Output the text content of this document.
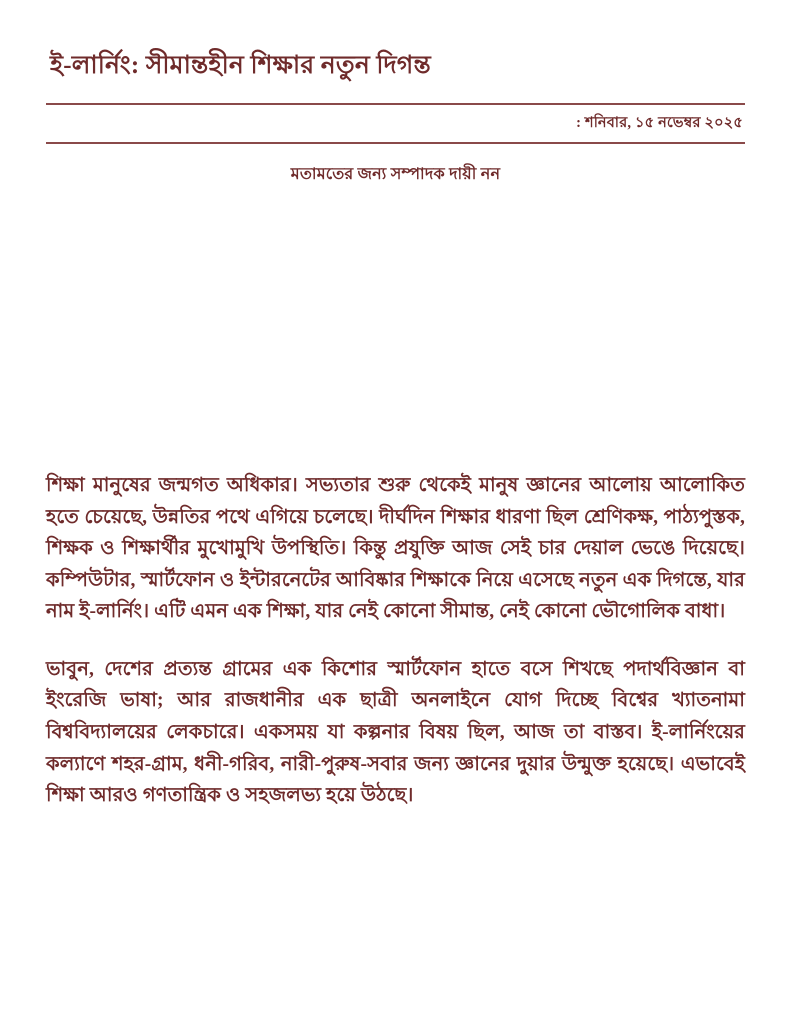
ই-লার্নিং: সীমান্তহীন শিক্ষার নতুন দিগন্ত
: শনিবার, ১৫ নভেম্বর ২০২৫
মতামতের জন্য সম্পাদক দায়ী নন

শিক্ষা মানুষের জন্মগত অধিকার। সভ্যতার শুরু থেকেই মানুষ জ্ঞানের আলোয় আলোকিত হতে চেয়েছে, উন্নতির পথে এগিয়ে চলেছে। দীর্ঘদিন শিক্ষার ধারণা ছিল শ্রেণিকক্ষ, পাঠ্যপুস্তক, শিক্ষক ও শিক্ষার্থীর মুখোমুখি উপস্থিতি। কিন্তু প্রযুক্তি আজ সেই চার দেয়াল ভেঙে দিয়েছে। কম্পিউটার, স্মার্টফোন ও ইন্টারনেটের আবিষ্কার শিক্ষাকে নিয়ে এসেছে নতুন এক দিগন্তে, যার নাম ই-লার্নিং। এটি এমন এক শিক্ষা, যার নেই কোনো সীমান্ত, নেই কোনো ভৌগোলিক বাধা।

ভাবুন, দেশের প্রত্যন্ত গ্রামের এক কিশোর স্মার্টফোন হাতে বসে শিখছে পদার্থবিজ্ঞান বা ইংরেজি ভাষা; আর রাজধানীর এক ছাত্রী অনলাইনে যোগ দিচ্ছে বিশ্বের খ্যাতনামা বিশ্ববিদ্যালয়ের লেকচারে। একসময় যা কল্পনার বিষয় ছিল, আজ তা বাস্তব। ই-লার্নিংয়ের কল্যাণে শহর-গ্রাম, ধনী-গরিব, নারী-পুরুষ-সবার জন্য জ্ঞানের দুয়ার উন্মুক্ত হয়েছে। এভাবেই শিক্ষা আরও গণতান্ত্রিক ও সহজলভ্য হয়ে উঠছে।
